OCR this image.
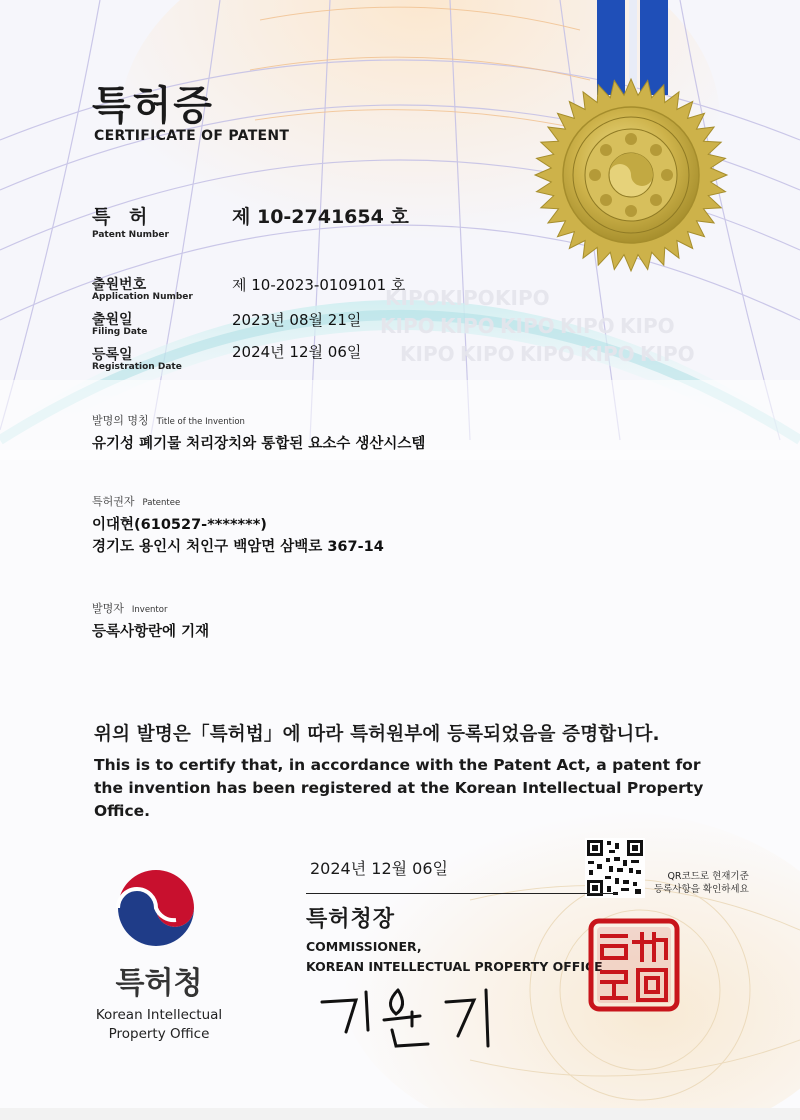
KIPO KIPO KIPO
KIPO KIPO KIPO KIPO KIPO
KIPO KIPO KIPO KIPO KIPO
특허증
CERTIFICATE OF PATENT
특 허
Patent Number
제 10-2741654 호
출원번호
Application Number
제 10-2023-0109101 호
출원일
Filing Date
2023년 08월 21일
등록일
Registration Date
2024년 12월 06일
발명의 명칭 Title of the Invention
유기성 폐기물 처리장치와 통합된 요소수 생산시스템
특허권자 Patentee
이대현(610527-*******)
경기도 용인시 처인구 백암면 삼백로 367-14
발명자 Inventor
등록사항란에 기재
위의 발명은「특허법」에 따라 특허원부에 등록되었음을 증명합니다.
This is to certify that, in accordance with the Patent Act, a patent for the invention has been registered at the Korean Intellectual Property Office.
2024년 12월 06일	QR코드로 현재기준
등록사항을 확인하세요
특허청장
COMMISSIONER,
KOREAN INTELLECTUAL PROPERTY OFFICE
특허청
Korean Intellectual
Property Office
